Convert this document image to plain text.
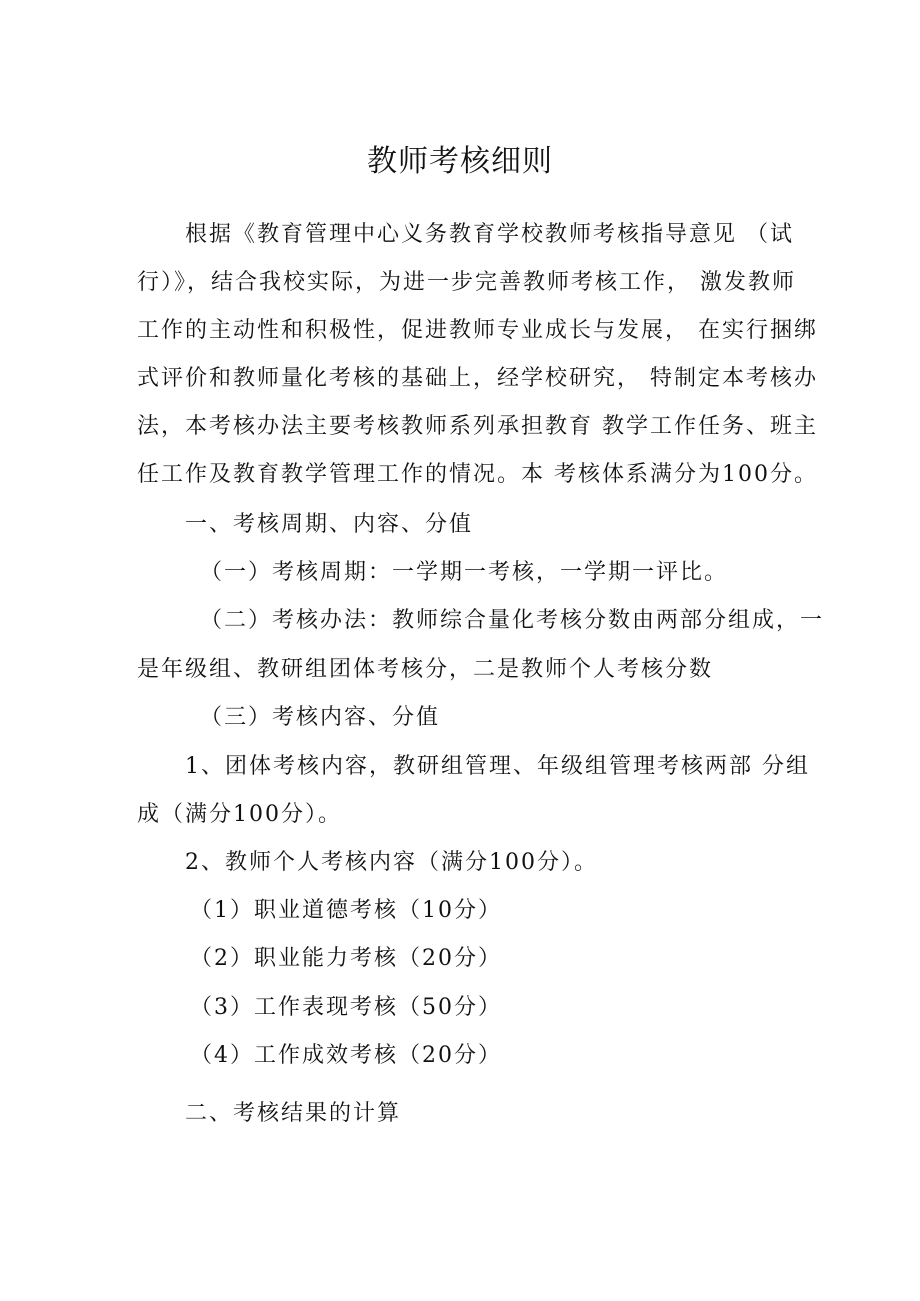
教师考核细则
根据《教育管理中心义务教育学校教师考核指导意见 （试
行）》，结合我校实际，为进一步完善教师考核工作， 激发教师
工作的主动性和积极性，促进教师专业成长与发展， 在实行捆绑
式评价和教师量化考核的基础上，经学校研究， 特制定本考核办
法，本考核办法主要考核教师系列承担教育 教学工作任务、班主
任工作及教育教学管理工作的情况。本 考核体系满分为100分。
一、考核周期、内容、分值
（一）考核周期：一学期一考核，一学期一评比。
（二）考核办法：教师综合量化考核分数由两部分组成，一
是年级组、教研组团体考核分，二是教师个人考核分数
（三）考核内容、分值
1、团体考核内容，教研组管理、年级组管理考核两部 分组
成（满分100分）。
2、教师个人考核内容（满分100分）。
（1）职业道德考核（10分）
（2）职业能力考核（20分）
（3）工作表现考核（50分）
（4）工作成效考核（20分）
二、考核结果的计算
